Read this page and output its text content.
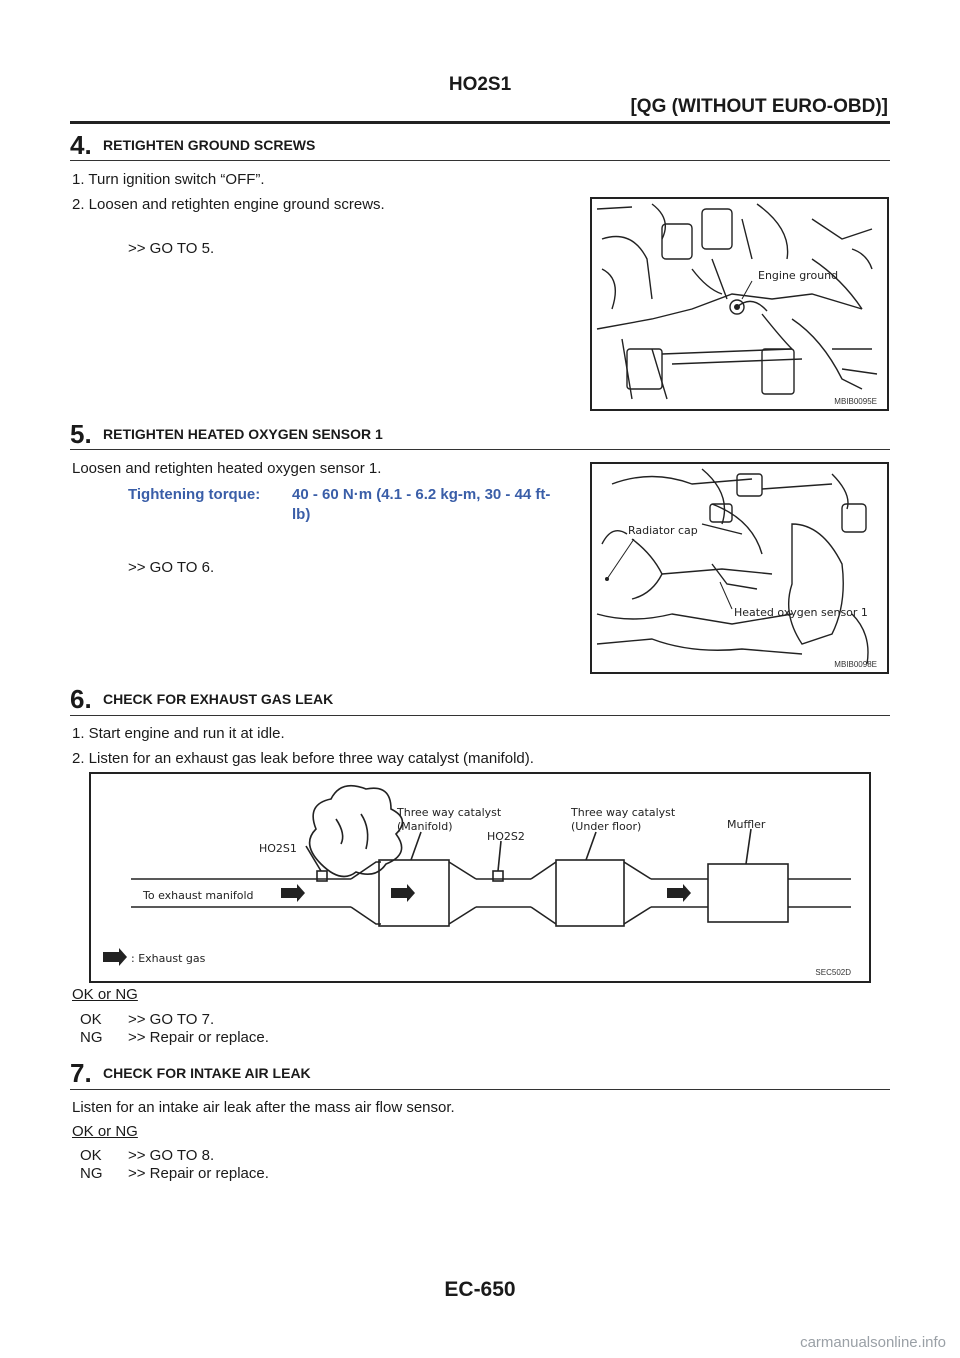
HO2S1
[QG (WITHOUT EURO-OBD)]
4. RETIGHTEN GROUND SCREWS
1. Turn ignition switch “OFF”.
2. Loosen and retighten engine ground screws.
>> GO TO 5.
Engine ground
MBIB0095E
5. RETIGHTEN HEATED OXYGEN SENSOR 1
Loosen and retighten heated oxygen sensor 1.
Tightening torque: 40 - 60 N·m (4.1 - 6.2 kg-m, 30 - 44 ft-
lb)
>> GO TO 6.
Radiator cap
Heated oxygen sensor 1
MBIB0098E
6. CHECK FOR EXHAUST GAS LEAK
1. Start engine and run it at idle.
2. Listen for an exhaust gas leak before three way catalyst (manifold).
Three way catalyst
(Manifold)
Three way catalyst
(Under floor)	Muffler
HO2S1
HO2S2
To exhaust manifold
: Exhaust gas
SEC502D
OK or NG
OK >> GO TO 7.
NG >> Repair or replace.
7. CHECK FOR INTAKE AIR LEAK
Listen for an intake air leak after the mass air flow sensor.
OK or NG
OK >> GO TO 8.
NG >> Repair or replace.
EC-650
carmanualsonline.info
